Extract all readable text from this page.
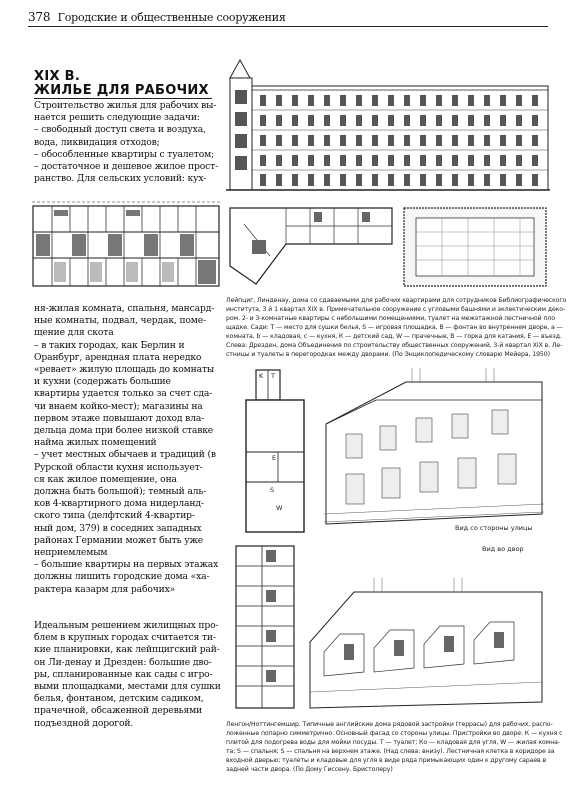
378 Городские и общественные сооружения
XIX В.
ЖИЛЬЕ ДЛЯ РАБОЧИХ

Строительство жилья для рабочих вы-

нается решить следующие задачи:

– свободный доступ света и воздуха,

вода, ликвидация отходов;

– обособленные квартиры с туалетом;

– достаточное и дешевое жилое прост-

ранство. Для сельских условий: кух-

ня-жилая комната, спальня, мансард-

ные комнаты, подвал, чердак, поме-

щение для скота

– в таких городах, как Берлин и

Оранбург, арендная плата нередко

«ревает» жилую площадь до комнаты

и кухни (содержать большие

квартиры удается только за счет сда-

чи внаем койко-мест); магазины на

первом этаже повышают доход вла-

дельца дома при более низкой ставке

найма жилых помещений

– учет местных обычаев и традиций (в

Рурской области кухня использует-

ся как жилое помещение, она

должна быть большой); темный аль-

ков 4-квартирного дома нидерланд-

ского типа (делфтский 4-квартир-

ный дом, 379) в соседних западных

районах Германии может быть уже

неприемлемым

– большие квартиры на первых этажах

должны лишить городские дома «ха-

рактера казарм для рабочих»

Идеальным решением жилищных про-

блем в крупных городах считается ти-

кие планировки, как лейпцигский рай-

он Ли-денау и Дрезден: большие дво-

ры, спланированные как сады с игро-

выми площадками, местами для сушки

белья, фонтаном, детским садиком,

прачечной, обсаженной деревьями

подъездной дорогой.

Лейпциг, Линденау, дома со сдаваемыми для рабочих квартирами для сотрудников Библиографического

института, 3 й 1 квартал XIX в. Примечательное сооружение с угловыми башнями и эклектическим деко-

ром. 2- и 3-комнатные квартиры с небольшими помещениями, туалет на межэтажной лестничной пло

щадке. Сади: Т — место для сушки белья, S — игровая площадка, В — фонтан во внутреннем дворе, а —

комната, b — кладовая, с — кухня, К — детский сад, W — прачечные, В — горка для катания, Е — въезд.

Слева: Дрезден, дома Объединения по строительству общественных сооружений, 3-й квартал XIX в. Ле-

стницы и туалеты в перегородках между дворами. (По Энциклопедическому словарю Мейера, 1950)

K T
E
S
W
Вид со стороны улицы
Вид во двор

Ленгон/Ноттингемшир. Типичные английские дома рядовой застройки (террасы) для рабочих, распо-

ложенные попарно симметрично. Основный фасад со стороны улицы. Пристройки во дворе: К — кухня с

плитой для подогрева воды для мойки посуды. Т — туалет; Ко — кладовая для угля, W — жилая комна-

та; S — спальня; S — спальня на верхнем этаже. (Над слева: внизу). Лестничная клетка в коридоре за

входной дверью; туалеты и кладовые для угля в виде ряда примыкающих один к другому сараев в

задней части двора. (По Дому Гиссену, Бристолеру)
